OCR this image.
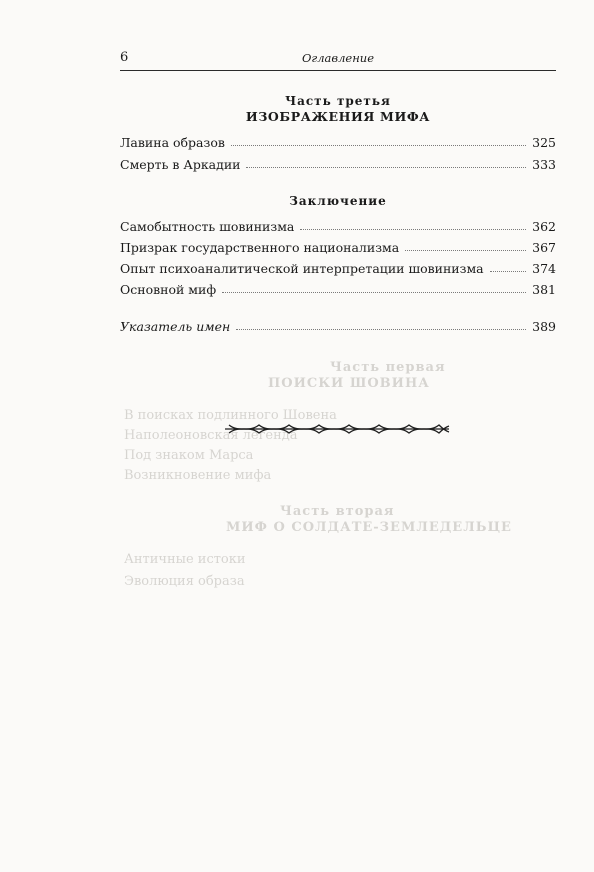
Часть первая
ПОИСКИ ШОВИНА
В поисках подлинного Шовена
Наполеоновская легенда
Под знаком Марса
Возникновение мифа
Часть вторая
МИФ О СОЛДАТЕ-ЗЕМЛЕДЕЛЬЦЕ
Античные истоки
Эволюция образа
6	Оглавление
Часть третья
ИЗОБРАЖЕНИЯ МИФА
Лавина образов	325
Смерть в Аркадии	333
Заключение
Самобытность шовинизма	362
Призрак государственного национализма	367
Опыт психоаналитической интерпретации шовинизма	374
Основной миф	381
Указатель имен	389
